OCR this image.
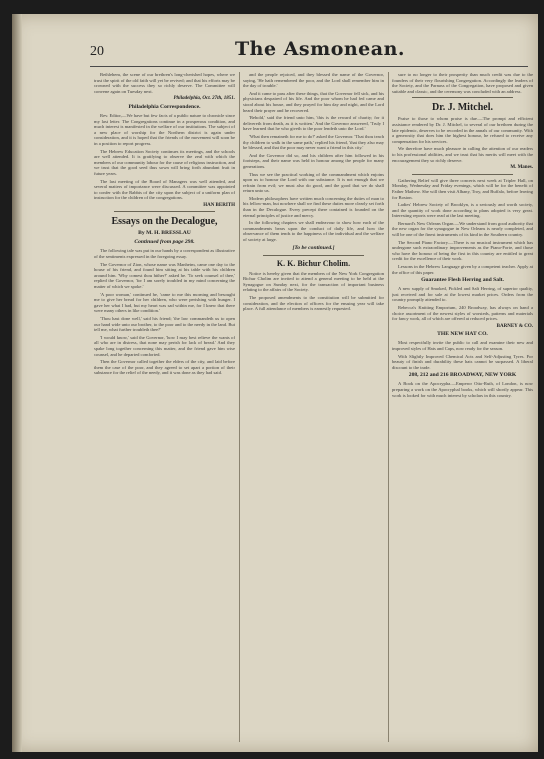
20	The Asmonean.

Bethlehem, the scene of our brethren's long-cherished hopes, where we trust the spirit of the old faith will yet be revived; and that his efforts may be crowned with the success they so richly deserve. The Committee will convene again on Tuesday next.

Philadelphia, Oct. 27th, 1851.

Philadelphia Correspondence.

Rev. Editor,—We have but few facts of a public nature to chronicle since my last letter. The Congregations continue in a prosperous condition, and much interest is manifested in the welfare of our institutions. The subject of a new place of worship for the Northern district is again under consideration, and it is hoped that the friends of the movement will soon be in a position to report progress.

The Hebrew Education Society continues its meetings, and the schools are well attended. It is gratifying to observe the zeal with which the members of our community labour for the cause of religious instruction, and we trust that the good seed thus sown will bring forth abundant fruit in future years.

The last meeting of the Board of Managers was well attended, and several matters of importance were discussed. A committee was appointed to confer with the Rabbis of the city upon the subject of a uniform plan of instruction for the children of the congregations.

HAN BERITH

Essays on the Decalogue,

By M. H. BRESSLAU

Continued from page 298.

The following tale was put in our hands by a correspondent as illustrative of the sentiments expressed in the foregoing essay.

The Governor of Zion, whose name was Manheim, came one day to the house of his friend, and found him sitting at his table with his children around him. 'Why comest thou hither?' asked he. 'To seek counsel of thee,' replied the Governor, 'for I am sorely troubled in my mind concerning the matter of which we spoke.'

'A poor woman,' continued he, 'came to me this morning and besought me to give her bread for her children, who were perishing with hunger. I gave her what I had, but my heart was sad within me, for I knew that there were many others in like condition.'

'Thou hast done well,' said his friend; 'the law commandeth us to open our hand wide unto our brother, to the poor and to the needy in the land. But tell me, what further troubleth thee?'

'I would know,' said the Governor, 'how I may best relieve the wants of all who are in distress, that none may perish for lack of bread.' And they spake long together concerning this matter, and the friend gave him wise counsel, and he departed comforted.

Then the Governor called together the elders of the city, and laid before them the case of the poor, and they agreed to set apart a portion of their substance for the relief of the needy, and it was done as they had said.

and the people rejoiced, and they blessed the name of the Governor, saying, 'He hath remembered the poor, and the Lord shall remember him in the day of trouble.'

And it came to pass after these things, that the Governor fell sick, and his physicians despaired of his life. And the poor whom he had fed came and stood about his house, and they prayed for him day and night, and the Lord heard their prayer and he recovered.

'Behold,' said the friend unto him, 'this is the reward of charity; for it delivereth from death, as it is written.' And the Governor answered, 'Truly I have learned that he who giveth to the poor lendeth unto the Lord.'

'What then remaineth for me to do?' asked the Governor. 'That thou teach thy children to walk in the same path,' replied his friend, 'that they also may be blessed, and that the poor may never want a friend in this city.'

And the Governor did so, and his children after him followed in his footsteps, and their name was held in honour among the people for many generations.

Thus we see the practical working of the commandment which enjoins upon us to honour the Lord with our substance. It is not enough that we refrain from evil; we must also do good, and the good that we do shall return unto us.

Modern philosophers have written much concerning the duties of man to his fellow-man, but nowhere shall we find these duties more clearly set forth than in the Decalogue. Every precept there contained is founded on the eternal principles of justice and mercy.

In the following chapters we shall endeavour to show how each of the commandments bears upon the conduct of daily life, and how the observance of them tends to the happiness of the individual and the welfare of society at large.

[To be continued.]

K. K. Bichur Cholim.

Notice is hereby given that the members of the New York Congregation Bichur Cholim are invited to attend a general meeting to be held at the Synagogue on Sunday next, for the transaction of important business relating to the affairs of the Society.

The proposed amendments to the constitution will be submitted for consideration, and the election of officers for the ensuing year will take place. A full attendance of members is earnestly requested.

sure to no longer to their prosperity than much credit was due to the founders of their very flourishing Congregation. Accordingly the leaders of the Society, and the Parnass of the Congregation, have proposed and given suitable and classic, and the ceremony was concluded with an address.

Dr. J. Mitchel.

Praise to those to whom praise is due.—The prompt and efficient assistance rendered by Dr. J. Mitchel, to several of our brethren during the late epidemic, deserves to be recorded in the annals of our community. With a generosity that does him the highest honour, he refused to receive any compensation for his services.

We therefore have much pleasure in calling the attention of our readers to his professional abilities, and we trust that his merits will meet with the encouragement they so richly deserve.

M. Manes.

Gathering Relief will give three concerts next week at Tripler Hall, on Monday, Wednesday and Friday evenings, which will be for the benefit of Father Mathew. She will then visit Albany, Troy, and Buffalo, before leaving for Boston.

Ladies' Hebrew Society of Brooklyn, is a seriously and worth society, and the quantity of work done according to plans adopted is very great. Interesting reports were read at the last meeting.

Bernard's New Orleans Organ.—We understand from good authority that the new organ for the synagogue in New Orleans is nearly completed, and will be one of the finest instruments of its kind in the Southern country.

The Second Piano Factory.—There is no musical instrument which has undergone such extraordinary improvements as the Piano-Forte, and those who have the honour of being the first in this country are entitled to great credit for the excellence of their work.

Lessons in the Hebrew Language given by a competent teacher. Apply at the office of this paper.

Guarantee Flesh Herring and Salt.

A new supply of Smoked, Pickled and Salt Herring, of superior quality, just received and for sale at the lowest market prices. Orders from the country promptly attended to.

Rebecca's Knitting Emporium, 240 Broadway, has always on hand a choice assortment of the newest styles of worsteds, patterns and materials for fancy work, all of which are offered at reduced prices.

BARNEY & CO.

THE NEW HAT CO.

Most respectfully invite the public to call and examine their new and improved styles of Hats and Caps, now ready for the season.

With Slightly Improved Chemical Acts and Self-Adjusting Tyres. For beauty of finish and durability these hats cannot be surpassed. A liberal discount to the trade.

208, 212 and 216 BROADWAY, NEW YORK

A Book on the Apocrypha.—Emperor Otto-Ruth, of London, is now preparing a work on the Apocryphal books, which will shortly appear. This work is looked for with much interest by scholars in this country.
